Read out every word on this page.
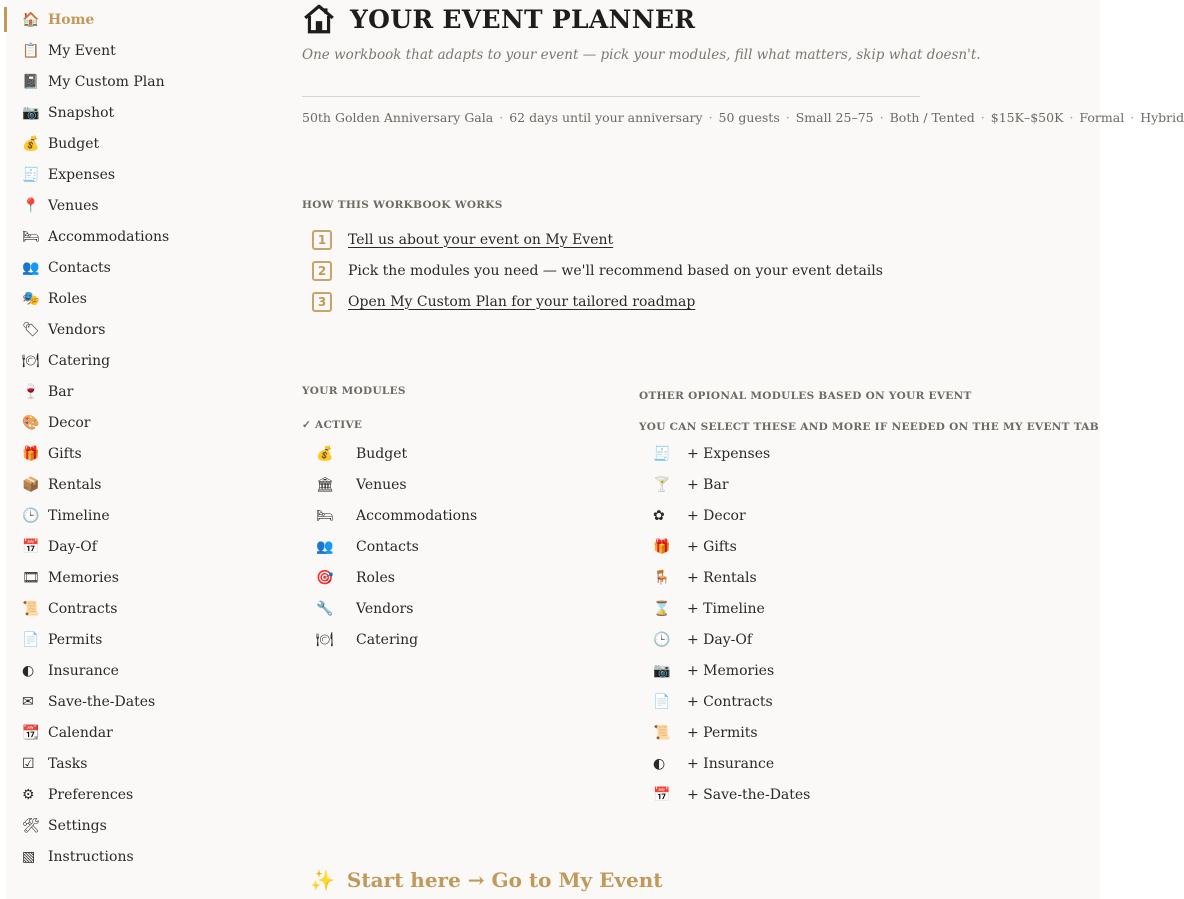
🏠 Home
📋 My Event
📓 My Custom Plan
📷 Snapshot
💰 Budget
🧾 Expenses
📍 Venues
🛏 Accommodations
👥 Contacts
🎭 Roles
🏷 Vendors
🍽 Catering
🍷 Bar
🎨 Decor
🎁 Gifts
📦 Rentals
🕒 Timeline
📅 Day-Of
🎞 Memories
📜 Contracts
📄 Permits
◐ Insurance
✉	Save-the-Dates
📆 Calendar
☑ Tasks
⚙ Preferences
🛠 Settings
▧ Instructions
YOUR EVENT PLANNER

One workbook that adapts to your event — pick your modules, fill what matters, skip what doesn't.

50th Golden Anniversary Gala · 62 days until your anniversary · 50 guests · Small 25–75 · Both / Tented · $15K–$50K · Formal · Hybrid
HOW THIS WORKBOOK WORKS
1	Tell us about your event on My Event
2	Pick the modules you need — we'll recommend based on your event details
3	Open My Custom Plan for your tailored roadmap
YOUR MODULES
✓ ACTIVE
💰	Budget
🏛	Venues
🛏	Accommodations
👥	Contacts
🎯	Roles
🔧	Vendors
🍽	Catering
OTHER OPIONAL MODULES BASED ON YOUR EVENT
YOU CAN SELECT THESE AND MORE IF NEEDED ON THE MY EVENT TAB
🧾	+ Expenses
🍸	+ Bar
✿	+ Decor
🎁	+ Gifts
🪑	+ Rentals
⌛	+ Timeline
🕒	+ Day-Of
📷	+ Memories
📄	+ Contracts
📜	+ Permits
◐	+ Insurance
📅	+ Save-the-Dates
✨ Start here → Go to My Event
